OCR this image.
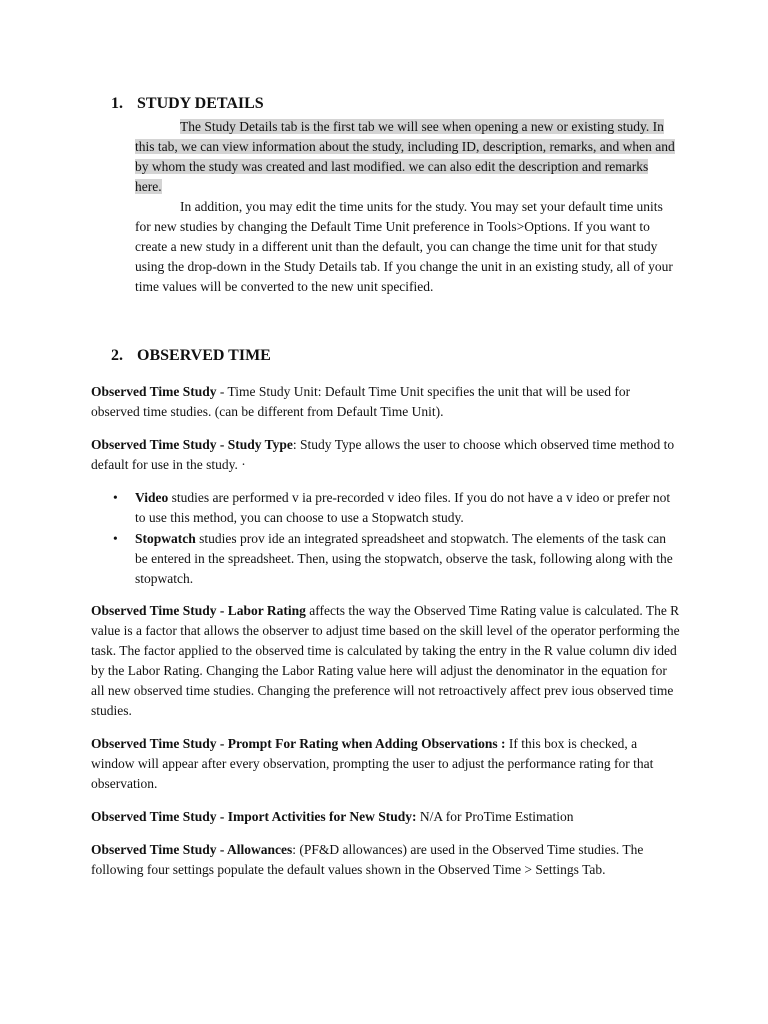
1. STUDY DETAILS

The Study Details tab is the first tab we will see when opening a new or existing study. In this tab, we can view information about the study, including ID, description, remarks, and when and by whom the study was created and last modified. we can also edit the description and remarks here.

In addition, you may edit the time units for the study. You may set your default time units for new studies by changing the Default Time Unit preference in Tools>Options. If you want to create a new study in a different unit than the default, you can change the time unit for that study using the drop-down in the Study Details tab. If you change the unit in an existing study, all of your time values will be converted to the new unit specified.

2. OBSERVED TIME

Observed Time Study - Time Study Unit: Default Time Unit specifies the unit that will be used for observed time studies. (can be different from Default Time Unit).

Observed Time Study - Study Type: Study Type allows the user to choose which observed time method to default for use in the study. ·

• Video studies are performed v ia pre-recorded v ideo files. If you do not have a v ideo or prefer not to use this method, you can choose to use a Stopwatch study.
• Stopwatch studies prov ide an integrated spreadsheet and stopwatch. The elements of the task can be entered in the spreadsheet. Then, using the stopwatch, observe the task, following along with the stopwatch.

Observed Time Study - Labor Rating affects the way the Observed Time Rating value is calculated. The R value is a factor that allows the observer to adjust time based on the skill level of the operator performing the task. The factor applied to the observed time is calculated by taking the entry in the R value column div ided by the Labor Rating. Changing the Labor Rating value here will adjust the denominator in the equation for all new observed time studies. Changing the preference will not retroactively affect prev ious observed time studies.

Observed Time Study - Prompt For Rating when Adding Observations : If this box is checked, a window will appear after every observation, prompting the user to adjust the performance rating for that observation.

Observed Time Study - Import Activities for New Study: N/A for ProTime Estimation

Observed Time Study - Allowances: (PF&D allowances) are used in the Observed Time studies. The following four settings populate the default values shown in the Observed Time > Settings Tab.
